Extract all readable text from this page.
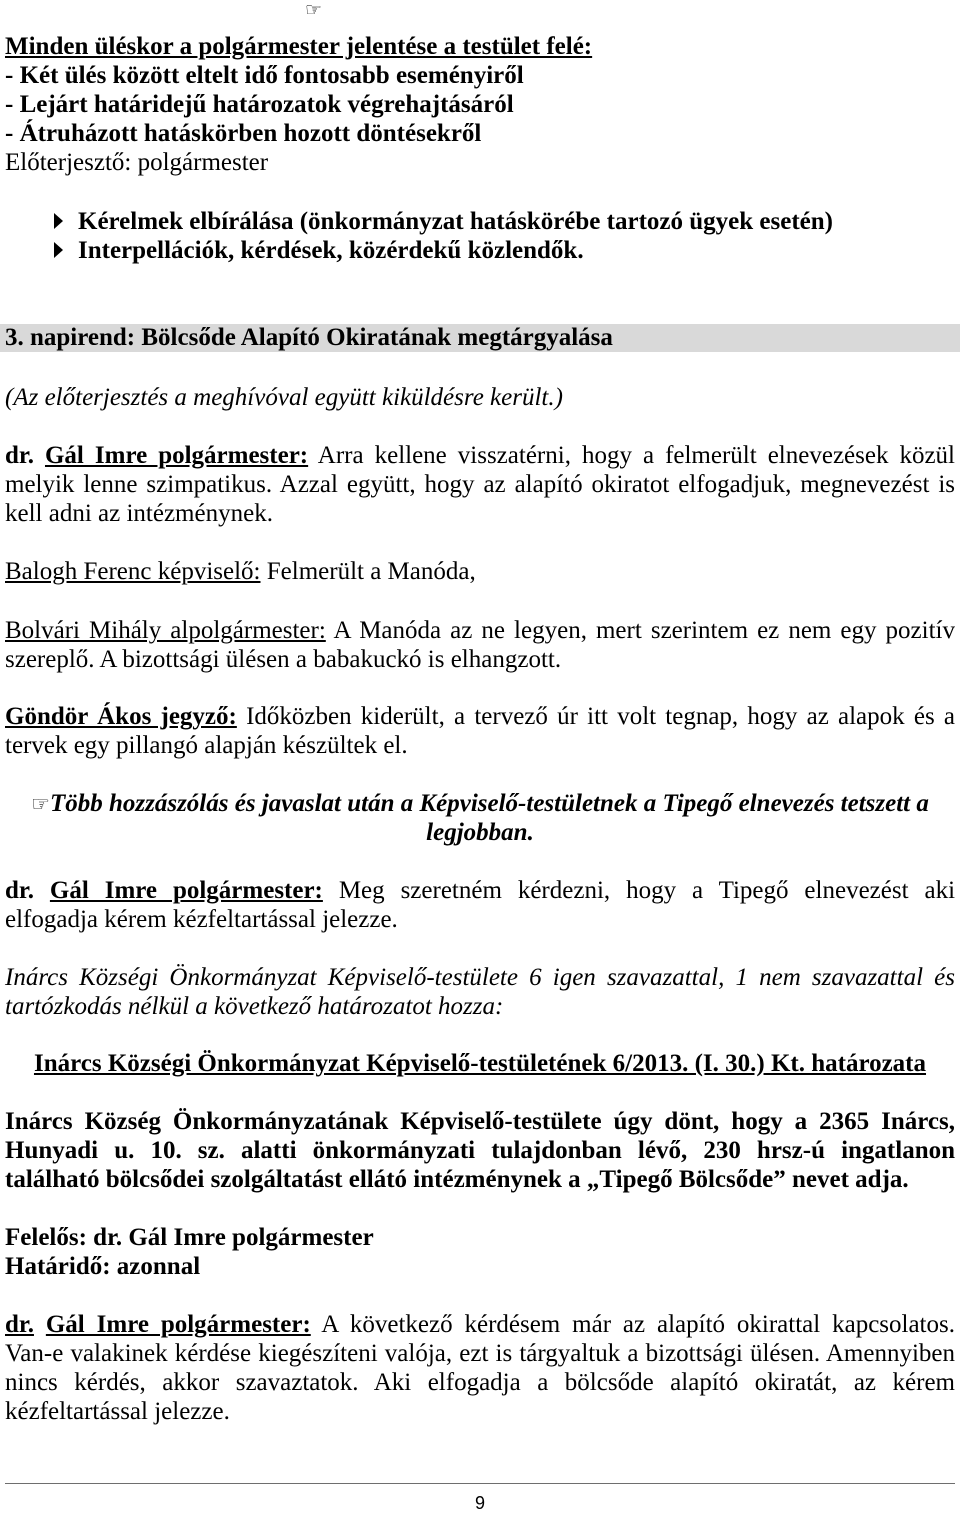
☞
Minden üléskor a polgármester jelentése a testület felé:
- Két ülés között eltelt idő fontosabb eseményiről
- Lejárt határidejű határozatok végrehajtásáról
- Átruházott hatáskörben hozott döntésekről
Előterjesztő: polgármester
Kérelmek elbírálása (önkormányzat hatáskörébe tartozó ügyek esetén)
Interpellációk, kérdések, közérdekű közlendők.
3. napirend: Bölcsőde Alapító Okiratának megtárgyalása
(Az előterjesztés a meghívóval együtt kiküldésre került.)
dr. Gál Imre polgármester: Arra kellene visszatérni, hogy a felmerült elnevezések közül
melyik lenne szimpatikus. Azzal együtt, hogy az alapító okiratot elfogadjuk, megnevezést is
kell adni az intézménynek.
Balogh Ferenc képviselő: Felmerült a Manóda,
Bolvári Mihály alpolgármester: A Manóda az ne legyen, mert szerintem ez nem egy pozitív
szereplő. A bizottsági ülésen a babakuckó is elhangzott.
Göndör Ákos jegyző: Időközben kiderült, a tervező úr itt volt tegnap, hogy az alapok és a
tervek egy pillangó alapján készültek el.
☞ Több hozzászólás és javaslat után a Képviselő-testületnek a Tipegő elnevezés tetszett a
legjobban.
dr. Gál Imre polgármester: Meg szeretném kérdezni, hogy a Tipegő elnevezést aki
elfogadja kérem kézfeltartással jelezze.
Inárcs Községi Önkormányzat Képviselő-testülete 6 igen szavazattal, 1 nem szavazattal és
tartózkodás nélkül a következő határozatot hozza:
Inárcs Községi Önkormányzat Képviselő-testületének 6/2013. (I. 30.) Kt. határozata
Inárcs Község Önkormányzatának Képviselő-testülete úgy dönt, hogy a 2365 Inárcs,
Hunyadi u. 10. sz. alatti önkormányzati tulajdonban lévő, 230 hrsz-ú ingatlanon
található bölcsődei szolgáltatást ellátó intézménynek a „Tipegő Bölcsőde” nevet adja.
Felelős: dr. Gál Imre polgármester
Határidő: azonnal
dr. Gál Imre polgármester: A következő kérdésem már az alapító okirattal kapcsolatos.
Van-e valakinek kérdése kiegészíteni valója, ezt is tárgyaltuk a bizottsági ülésen. Amennyiben
nincs kérdés, akkor szavaztatok. Aki elfogadja a bölcsőde alapító okiratát, az kérem
kézfeltartással jelezze.
9
